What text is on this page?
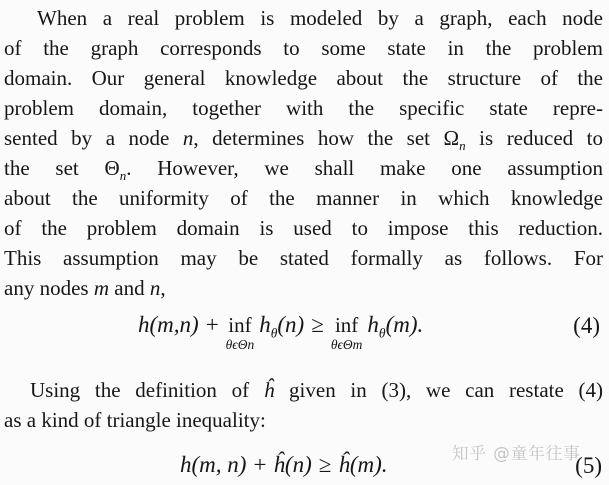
When a real problem is modeled by a graph, each node
of the graph corresponds to some state in the problem
domain. Our general knowledge about the structure of the
problem domain, together with the specific state repre-
sented by a node n, determines how the set $\Omega_n$ is reduced to
the set $\Theta_n$. However, we shall make one assumption
about the uniformity of the manner in which knowledge
of the problem domain is used to impose this reduction.
This assumption may be stated formally as follows. For
any nodes m and n,
h(m,n) + inf
θϵΘn
$h_\theta(n)$ ≥ inf
θϵΘm
$h_\theta(m)$.	(4)
Using the definition of ĥ given in (3), we can restate (4)
as a kind of triangle inequality:
h(m, n) + ĥ(n) ≥ ĥ(m).	(5)
知乎 @童年往事
